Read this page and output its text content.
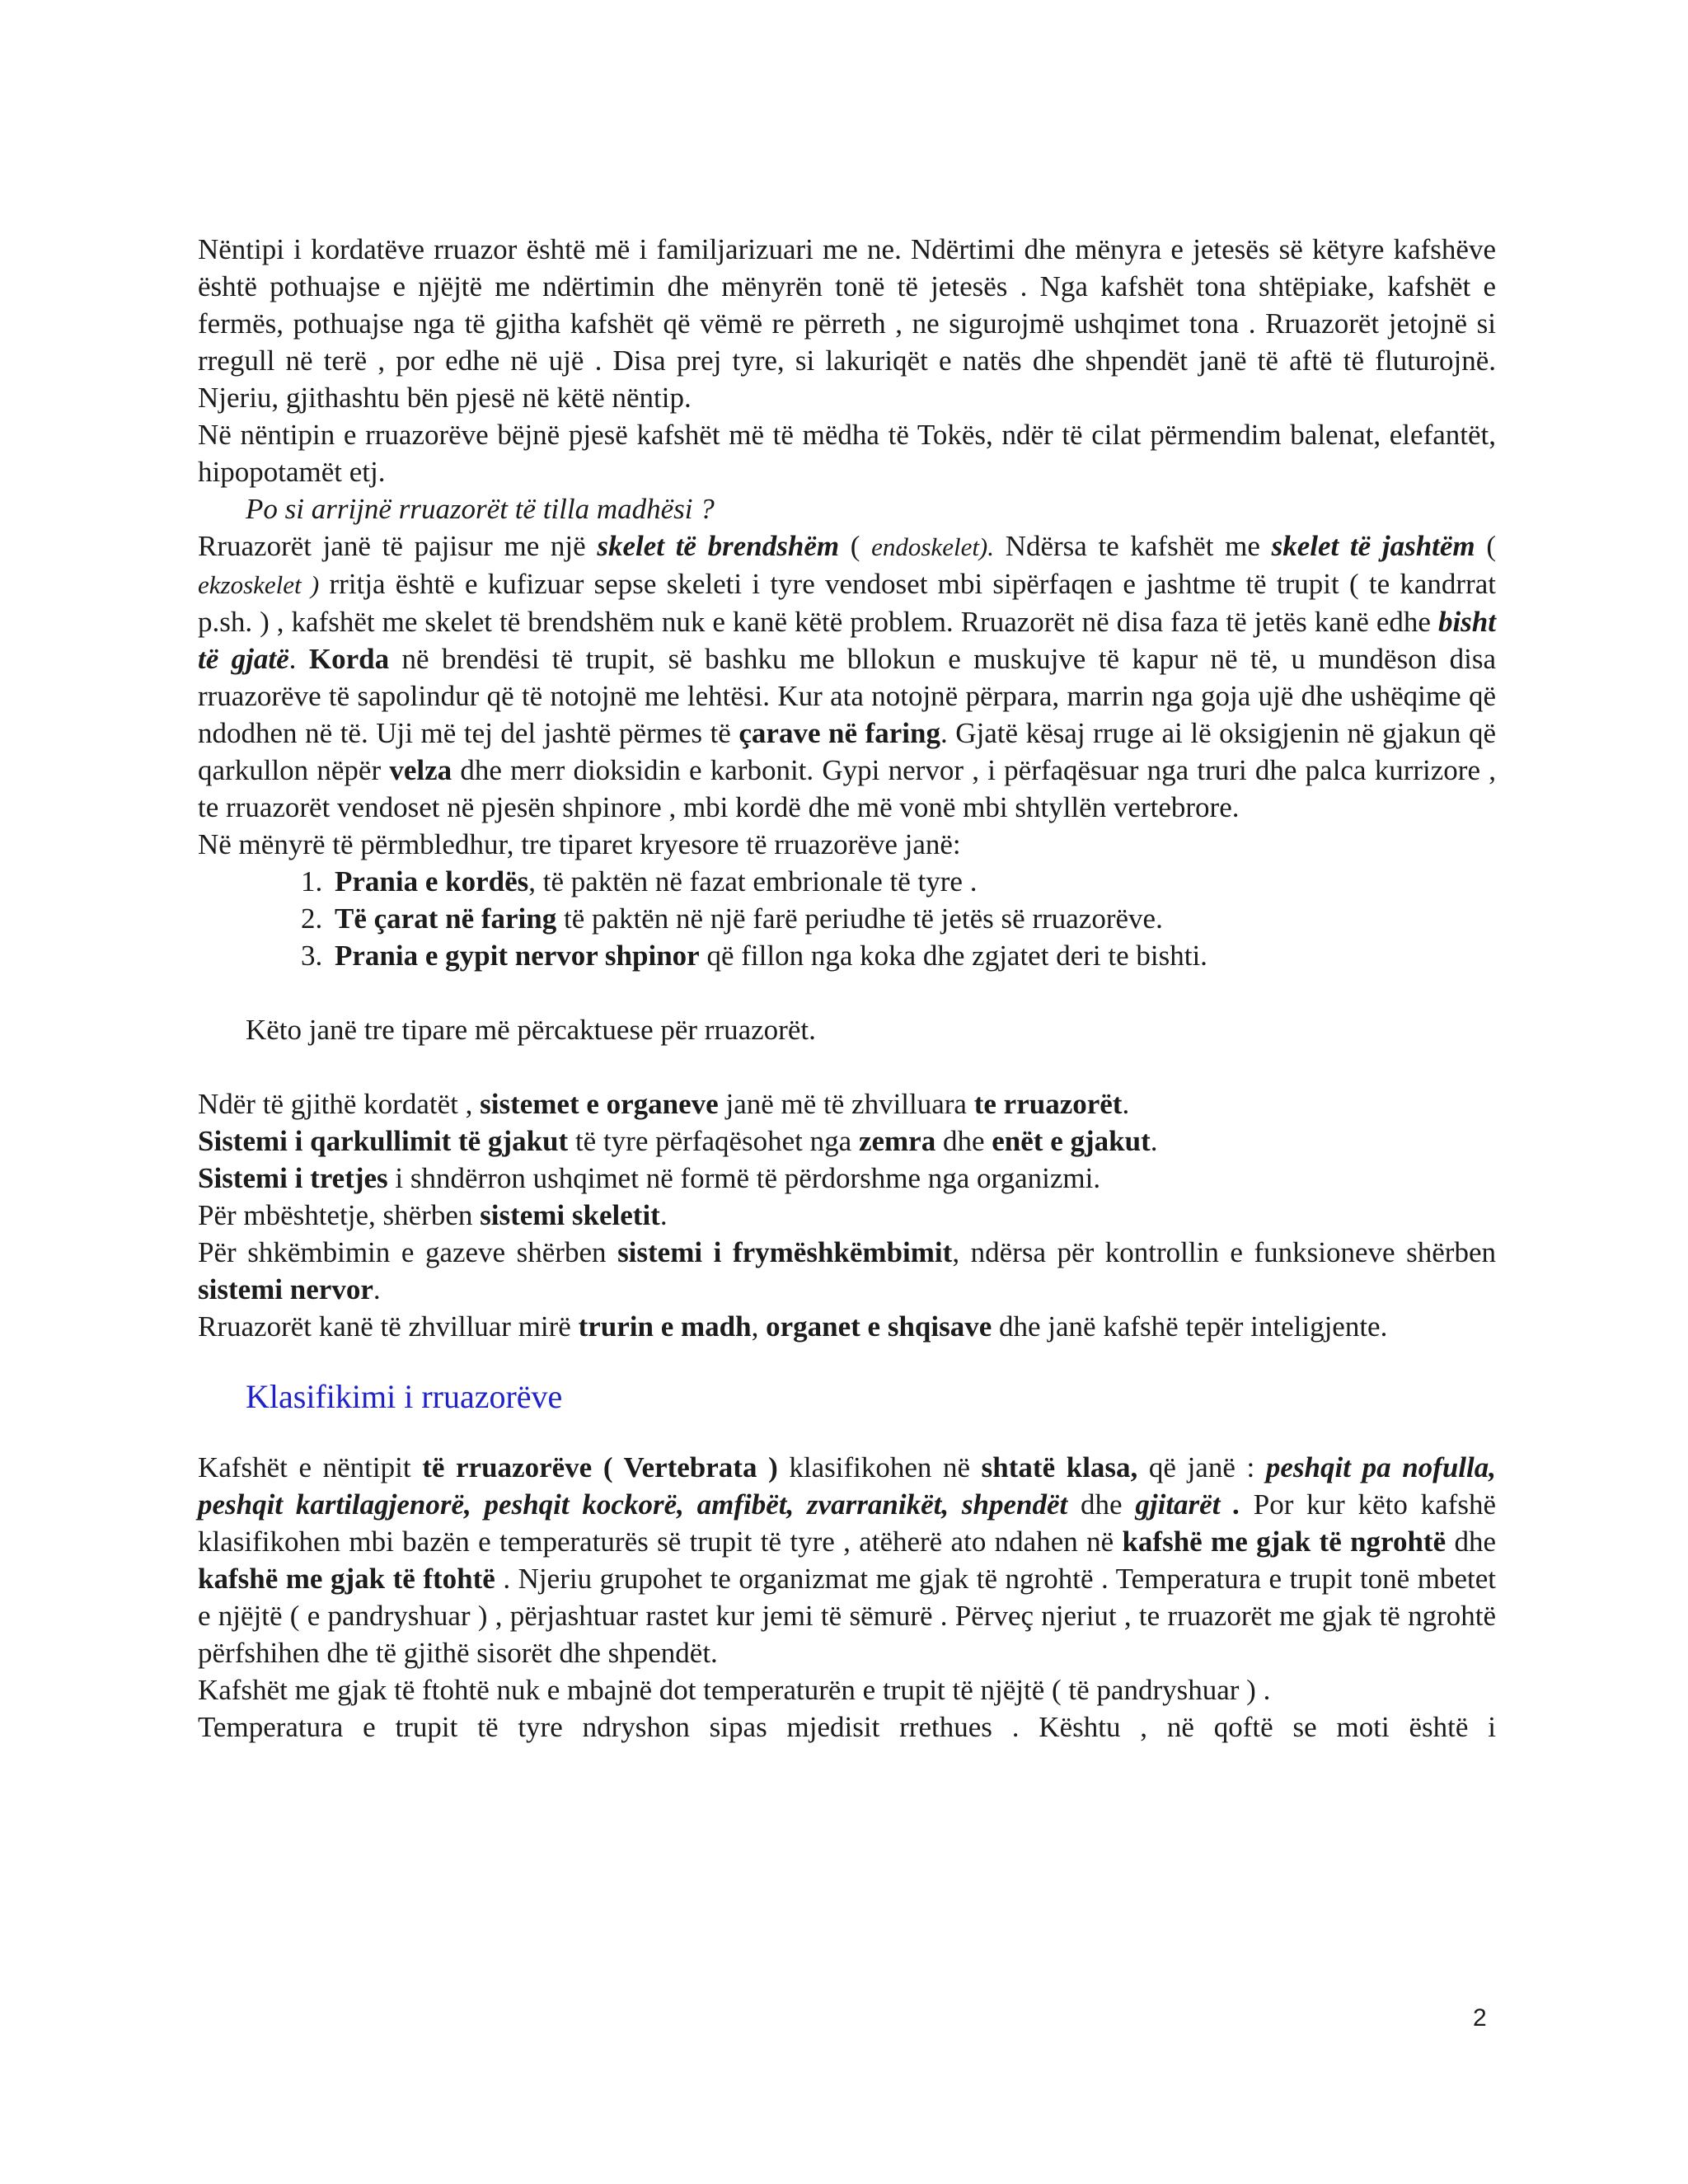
Nëntipi i kordatëve rruazor është më i familjarizuari me ne. Ndërtimi dhe mënyra e jetesës së këtyre kafshëve është pothuajse e njëjtë me ndërtimin dhe mënyrën tonë të jetesës . Nga kafshët tona shtëpiake, kafshët e fermës, pothuajse nga të gjitha kafshët që vëmë re përreth , ne sigurojmë ushqimet tona . Rruazorët jetojnë si rregull në terë , por edhe në ujë . Disa prej tyre, si lakuriqët e natës dhe shpendët janë të aftë të fluturojnë. Njeriu, gjithashtu bën pjesë në këtë nëntip.

Në nëntipin e rruazorëve bëjnë pjesë kafshët më të mëdha të Tokës, ndër të cilat përmendim balenat, elefantët, hipopotamët etj.

Po si arrijnë rruazorët të tilla madhësi ?

Rruazorët janë të pajisur me një skelet të brendshëm ( endoskelet). Ndërsa te kafshët me skelet të jashtëm ( ekzoskelet ) rritja është e kufizuar sepse skeleti i tyre vendoset mbi sipërfaqen e jashtme të trupit ( te kandrrat p.sh. ) , kafshët me skelet të brendshëm nuk e kanë këtë problem. Rruazorët në disa faza të jetës kanë edhe bisht të gjatë. Korda në brendësi të trupit, së bashku me bllokun e muskujve të kapur në të, u mundëson disa rruazorëve të sapolindur që të notojnë me lehtësi. Kur ata notojnë përpara, marrin nga goja ujë dhe ushëqime që ndodhen në të. Uji më tej del jashtë përmes të çarave në faring. Gjatë kësaj rruge ai lë oksigjenin në gjakun që qarkullon nëpër velza dhe merr dioksidin e karbonit. Gypi nervor , i përfaqësuar nga truri dhe palca kurrizore , te rruazorët vendoset në pjesën shpinore , mbi kordë dhe më vonë mbi shtyllën vertebrore.

Në mënyrë të përmbledhur, tre tiparet kryesore të rruazorëve janë:

1. Prania e kordës, të paktën në fazat embrionale të tyre .
2. Të çarat në faring të paktën në një farë periudhe të jetës së rruazorëve.
3. Prania e gypit nervor shpinor që fillon nga koka dhe zgjatet deri te bishti.

Këto janë tre tipare më përcaktuese për rruazorët.

Ndër të gjithë kordatët , sistemet e organeve janë më të zhvilluara te rruazorët.

Sistemi i qarkullimit të gjakut të tyre përfaqësohet nga zemra dhe enët e gjakut.

Sistemi i tretjes i shndërron ushqimet në formë të përdorshme nga organizmi.

Për mbështetje, shërben sistemi skeletit.

Për shkëmbimin e gazeve shërben sistemi i frymëshkëmbimit, ndërsa për kontrollin e funksioneve shërben sistemi nervor.

Rruazorët kanë të zhvilluar mirë trurin e madh, organet e shqisave dhe janë kafshë tepër inteligjente.

Klasifikimi i rruazorëve

Kafshët e nëntipit të rruazorëve ( Vertebrata ) klasifikohen në shtatë klasa, që janë : peshqit pa nofulla, peshqit kartilagjenorë, peshqit kockorë, amfibët, zvarranikët, shpendët dhe gjitarët . Por kur këto kafshë klasifikohen mbi bazën e temperaturës së trupit të tyre , atëherë ato ndahen në kafshë me gjak të ngrohtë dhe kafshë me gjak të ftohtë . Njeriu grupohet te organizmat me gjak të ngrohtë . Temperatura e trupit tonë mbetet e njëjtë ( e pandryshuar ) , përjashtuar rastet kur jemi të sëmurë . Përveç njeriut , te rruazorët me gjak të ngrohtë përfshihen dhe të gjithë sisorët dhe shpendët.

Kafshët me gjak të ftohtë nuk e mbajnë dot temperaturën e trupit të njëjtë ( të pandryshuar ) .

Temperatura e trupit të tyre ndryshon sipas mjedisit rrethues . Kështu , në qoftë se moti është i

2
